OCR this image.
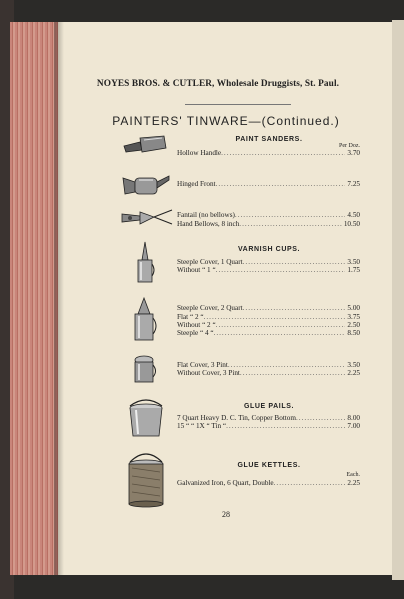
NOYES BROS. & CUTLER, Wholesale Druggists, St. Paul.
PAINTERS' TINWARE—(Continued.)
PAINT SANDERS.
Per Doz.
Hollow Handle .....	3.70
Hinged Front .....	7.25
Fantail (no bellows) .....	4.50
Hand Bellows, 8 inch .....	10.50
VARNISH CUPS.
Steeple Cover, 1 Quart .....	3.50
Without “ 1 “ .....	1.75
Steeple Cover, 2 Quart .....	5.00
Flat “ 2 “ .....	3.75
Without “ 2 “ .....	2.50
Steeple “ 4 “ .....	8.50
Flat Cover, 3 Pint .....	3.50
Without Cover, 3 Pint .....	2.25
GLUE PAILS.
7 Quart Heavy D. C. Tin, Copper Bottom .....	8.00
15 “ “ 1X “ Tin “ .....	7.00
GLUE KETTLES.
Each.
Galvanized Iron, 6 Quart, Double .....	2.25
28
